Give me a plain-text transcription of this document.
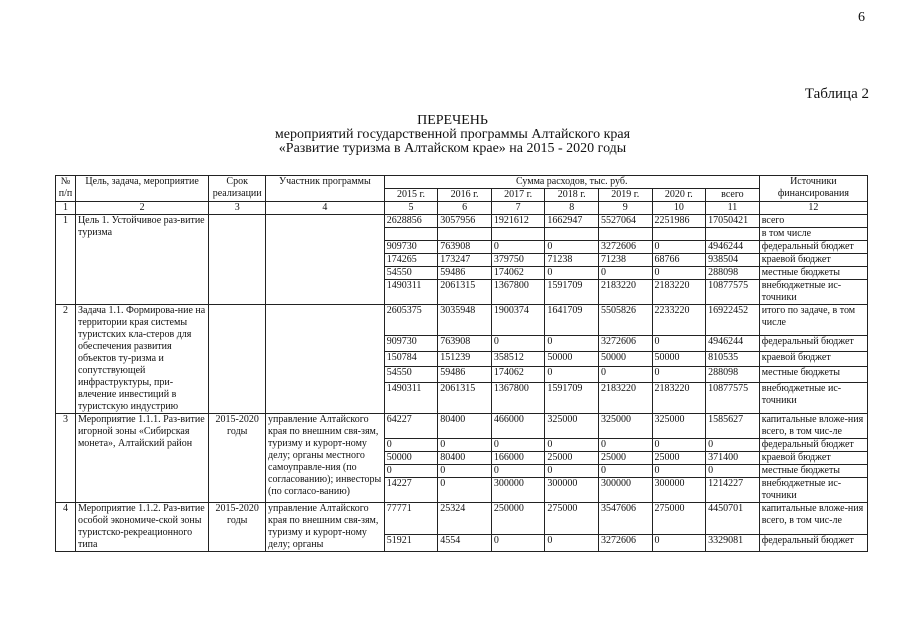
6
Таблица 2
ПЕРЕЧЕНЬ
мероприятий государственной программы Алтайского края
«Развитие туризма в Алтайском крае» на 2015 - 2020 годы
№ п/п	Цель, задача, мероприятие	Срок реализации	Участник программы	Сумма расходов, тыс. руб.							Источники финансирования
				2015 г.	2016 г.	2017 г.	2018 г.	2019 г.	2020 г.	всего	
1	2	3	4	5	6	7	8	9	10	11	12
1	Цель 1. Устойчивое раз-витие туризма			2628856	3057956	1921612	1662947	5527064	2251986	17050421	всего
											в том числе
				909730	763908	0	0	3272606	0	4946244	федеральный бюджет
				174265	173247	379750	71238	71238	68766	938504	краевой бюджет
				54550	59486	174062	0	0	0	288098	местные бюджеты
				1490311	2061315	1367800	1591709	2183220	2183220	10877575	внебюджетные ис-точники
2	Задача 1.1. Формирова-ние на территории края системы туристских кла-стеров для обеспечения развития объектов ту-ризма и сопутствующей инфраструктуры, при-влечение инвестиций в туристскую индустрию			2605375	3035948	1900374	1641709	5505826	2233220	16922452	итого по задаче, в том числе
				909730	763908	0	0	3272606	0	4946244	федеральный бюджет
				150784	151239	358512	50000	50000	50000	810535	краевой бюджет
				54550	59486	174062	0	0	0	288098	местные бюджеты
				1490311	2061315	1367800	1591709	2183220	2183220	10877575	внебюджетные ис-точники
3	Мероприятие 1.1.1. Раз-витие игорной зоны «Сибирская монета», Алтайский район	2015-2020 годы	управление Алтайского края по внешним свя-зям, туризму и курорт-ному делу; органы местного самоуправле-ния (по согласованию); инвесторы (по согласо-ванию)	64227	80400	466000	325000	325000	325000	1585627	капитальные вложе-ния всего, в том чис-ле
				0	0	0	0	0	0	0	федеральный бюджет
				50000	80400	166000	25000	25000	25000	371400	краевой бюджет
				0	0	0	0	0	0	0	местные бюджеты
				14227	0	300000	300000	300000	300000	1214227	внебюджетные ис-точники
4	Мероприятие 1.1.2. Раз-витие особой экономиче-ской зоны туристско-рекреационного типа	2015-2020 годы	управление Алтайского края по внешним свя-зям, туризму и курорт-ному делу; органы	77771	25324	250000	275000	3547606	275000	4450701	капитальные вложе-ния всего, в том чис-ле
				51921	4554	0	0	3272606	0	3329081	федеральный бюджет
